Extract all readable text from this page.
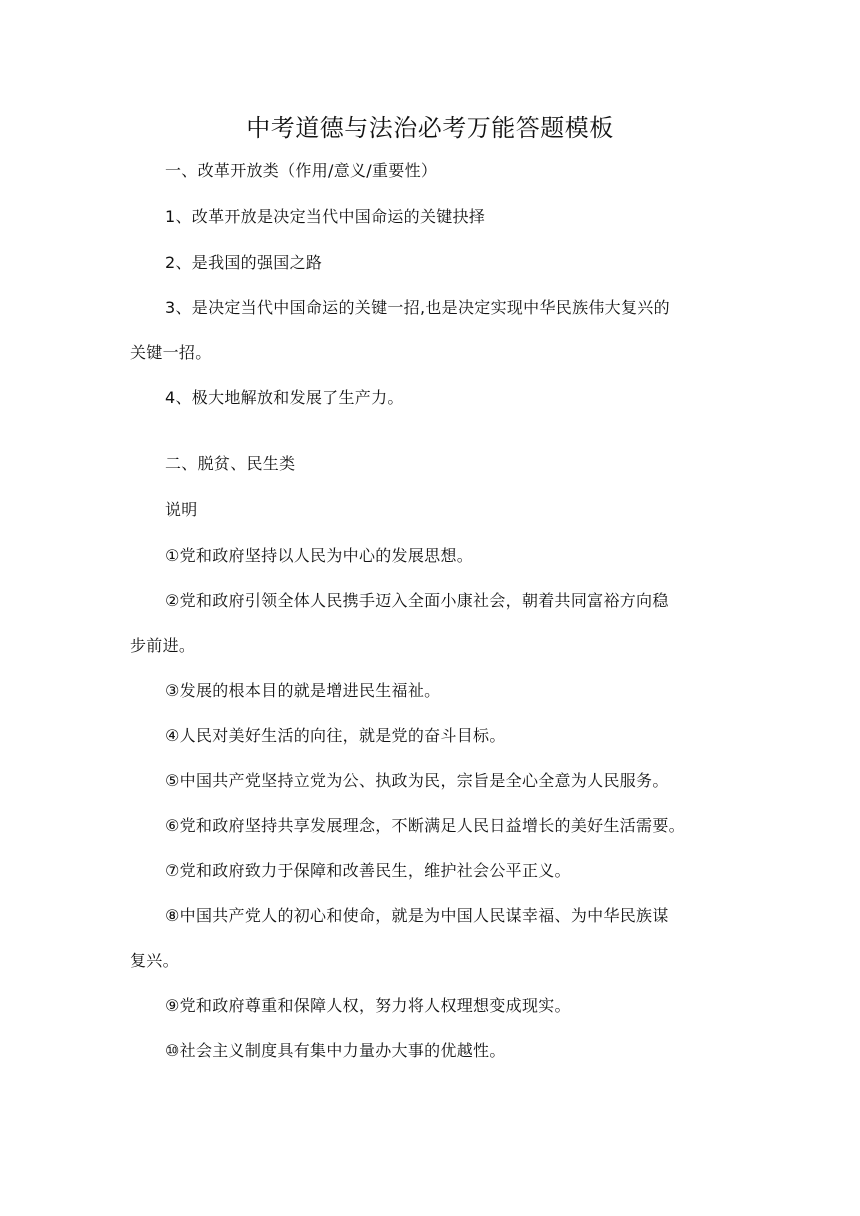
中考道德与法治必考万能答题模板

一、改革开放类（作用/意义/重要性）

1、改革开放是决定当代中国命运的关键抉择

2、是我国的强国之路

3、是决定当代中国命运的关键一招,也是决定实现中华民族伟大复兴的

关键一招。

4、极大地解放和发展了生产力。

二、脱贫、民生类

说明

①党和政府坚持以人民为中心的发展思想。

②党和政府引领全体人民携手迈入全面小康社会，朝着共同富裕方向稳

步前进。

③发展的根本目的就是增进民生福祉。

④人民对美好生活的向往，就是党的奋斗目标。

⑤中国共产党坚持立党为公、执政为民，宗旨是全心全意为人民服务。

⑥党和政府坚持共享发展理念，不断满足人民日益增长的美好生活需要。

⑦党和政府致力于保障和改善民生，维护社会公平正义。

⑧中国共产党人的初心和使命，就是为中国人民谋幸福、为中华民族谋

复兴。

⑨党和政府尊重和保障人权，努力将人权理想变成现实。

⑩社会主义制度具有集中力量办大事的优越性。
